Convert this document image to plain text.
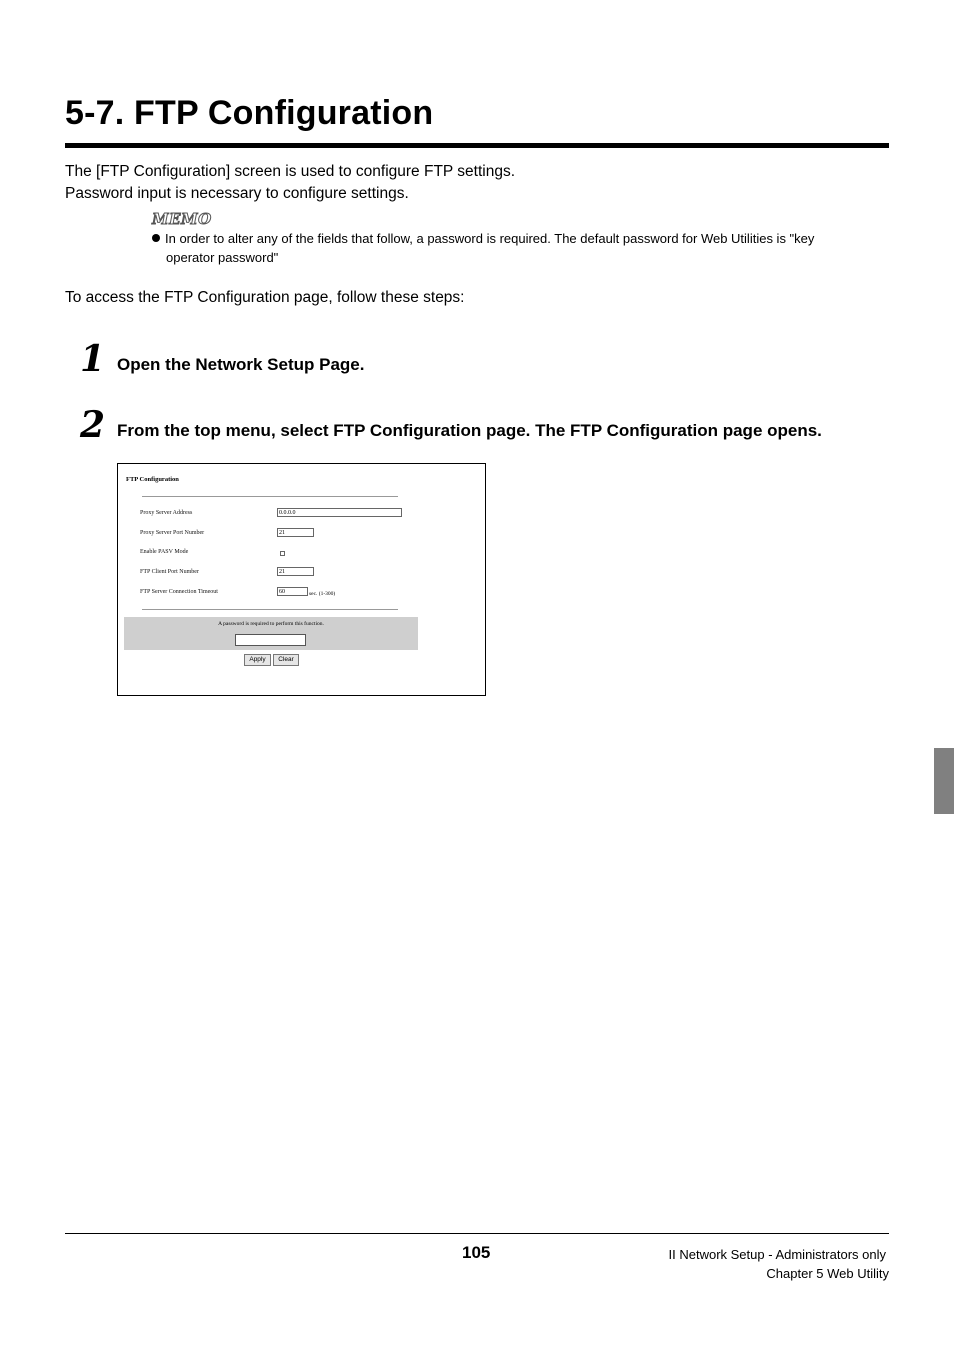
5-7. FTP Configuration
The [FTP Configuration] screen is used to configure FTP settings.
Password input is necessary to configure settings.
MEMO
In order to alter any of the fields that follow, a password is required. The default password for Web Utilities is "key
operator password"
To access the FTP Configuration page, follow these steps:
1 Open the Network Setup Page.
2 From the top menu, select FTP Configuration page. The FTP Configuration page opens.
FTP Configuration
Proxy Server Address	0.0.0.0
Proxy Server Port Number	21
Enable PASV Mode
FTP Client Port Number	21
FTP Server Connection Timeout	60	sec. (1-300)
A password is required to perform this function.
Apply	Clear
105	II Network Setup - Administrators only
Chapter 5 Web Utility
